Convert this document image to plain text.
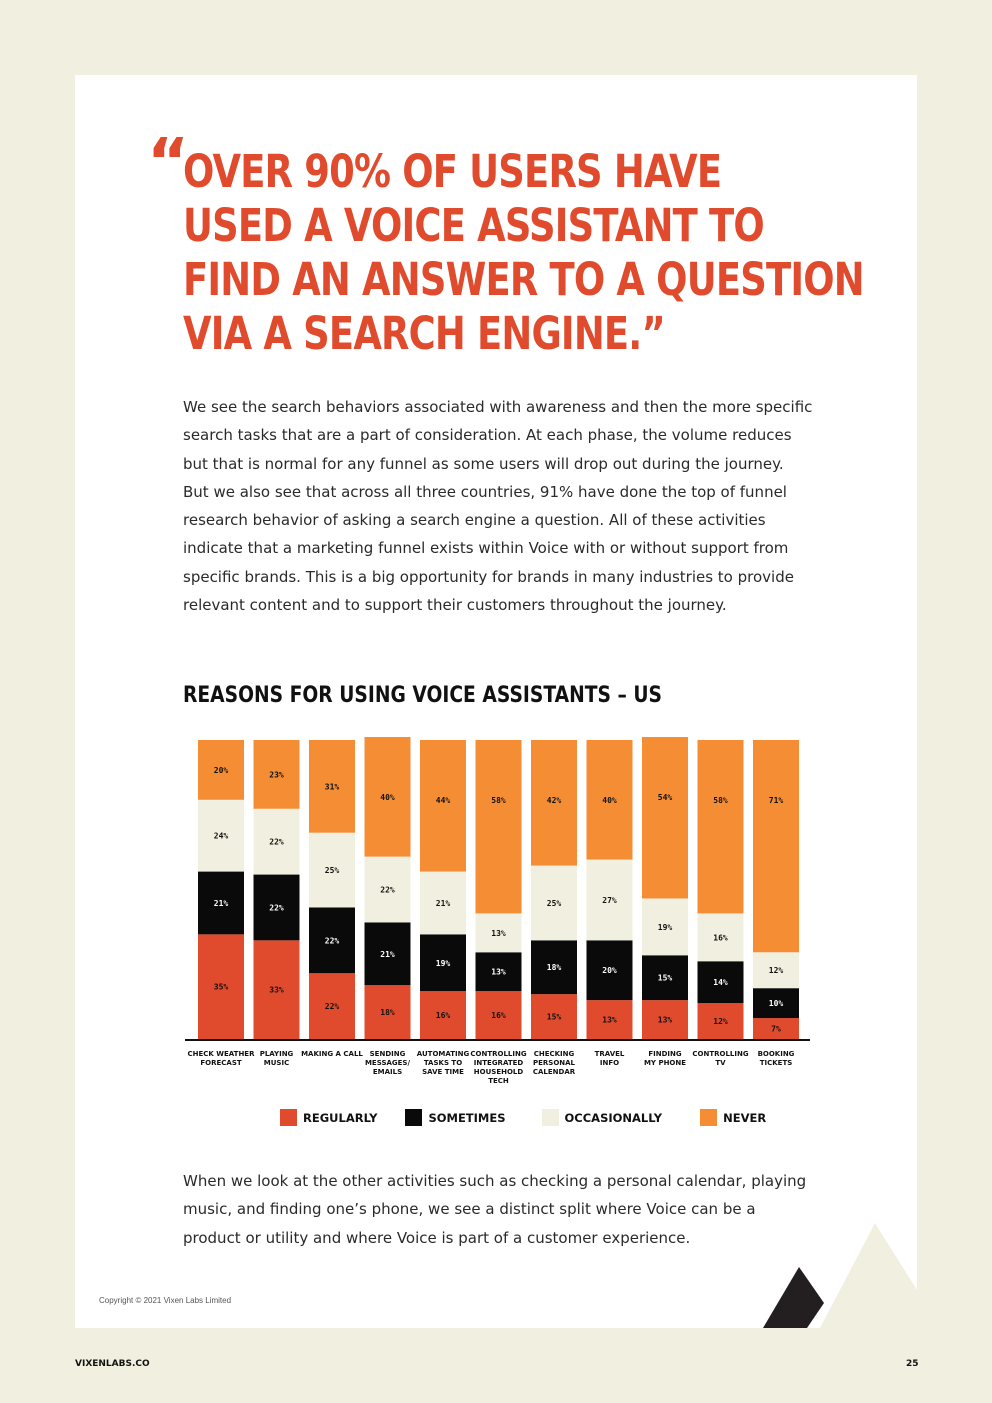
“
OVER 90% OF USERS HAVE
USED A VOICE ASSISTANT TO
FIND AN ANSWER TO A QUESTION
VIA A SEARCH ENGINE.”
We see the search behaviors associated with awareness and then the more specific search tasks that are a part of consideration. At each phase, the volume reduces but that is normal for any funnel as some users will drop out during the journey. But we also see that across all three countries, 91% have done the top of funnel research behavior of asking a search engine a question. All of these activities indicate that a marketing funnel exists within Voice with or without support from specific brands. This is a big opportunity for brands in many industries to provide relevant content and to support their customers throughout the journey.
REASONS FOR USING VOICE ASSISTANTS – US
35%
21%
24%
20%
CHECK WEATHER
FORECAST
33%
22%
22%
23%
PLAYING
MUSIC
22%
22%
25%
31%
MAKING A CALL
18%
21%
22%
40%
SENDING
MESSAGES/
EMAILS
16%
19%
21%
44%
AUTOMATING
TASKS TO
SAVE TIME
16%
13%
13%
58%
CONTROLLING
INTEGRATED
HOUSEHOLD
TECH
15%
18%
25%
42%
CHECKING
PERSONAL
CALENDAR
13%
20%
27%
40%
TRAVEL
INFO
13%
15%
19%
54%
FINDING
MY PHONE
12%
14%
16%
58%
CONTROLLING
TV
7%
10%
12%
71%
BOOKING
TICKETS
REGULARLY	SOMETIMES	OCCASIONALLY	NEVER
When we look at the other activities such as checking a personal calendar, playing music, and finding one’s phone, we see a distinct split where Voice can be a product or utility and where Voice is part of a customer experience.
Copyright © 2021 Vixen Labs Limited
VIXENLABS.CO	25
